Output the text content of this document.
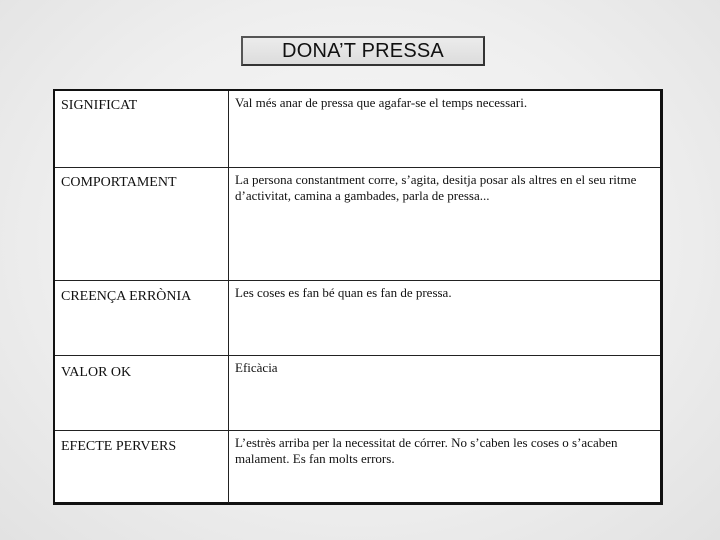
DONA’T PRESSA
SIGNIFICAT	Val més anar de pressa que agafar-se el temps necessari.
COMPORTAMENT	La persona constantment corre, s’agita, desitja posar als altres en el seu ritme d’activitat, camina a gambades, parla de pressa...
CREENÇA ERRÒNIA	Les coses es fan bé quan es fan de pressa.
VALOR OK	Eficàcia
EFECTE PERVERS	L’estrès arriba per la necessitat de córrer. No s’caben les coses o s’acaben malament. Es fan molts errors.
